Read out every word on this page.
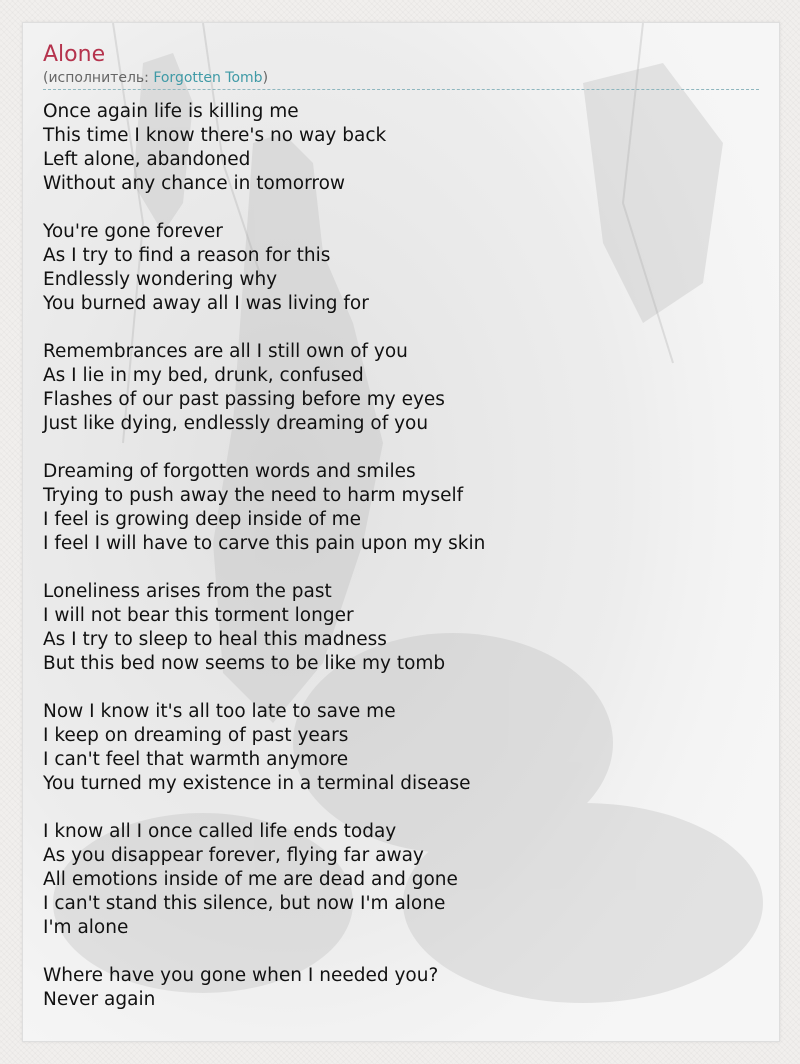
Alone
(исполнитель: Forgotten Tomb)
Once again life is killing me
This time I know there's no way back
Left alone, abandoned
Without any chance in tomorrow
You're gone forever
As I try to find a reason for this
Endlessly wondering why
You burned away all I was living for
Remembrances are all I still own of you
As I lie in my bed, drunk, confused
Flashes of our past passing before my eyes
Just like dying, endlessly dreaming of you
Dreaming of forgotten words and smiles
Trying to push away the need to harm myself
I feel is growing deep inside of me
I feel I will have to carve this pain upon my skin
Loneliness arises from the past
I will not bear this torment longer
As I try to sleep to heal this madness
But this bed now seems to be like my tomb
Now I know it's all too late to save me
I keep on dreaming of past years
I can't feel that warmth anymore
You turned my existence in a terminal disease
I know all I once called life ends today
As you disappear forever, flying far away
All emotions inside of me are dead and gone
I can't stand this silence, but now I'm alone
I'm alone
Where have you gone when I needed you?
Never again
